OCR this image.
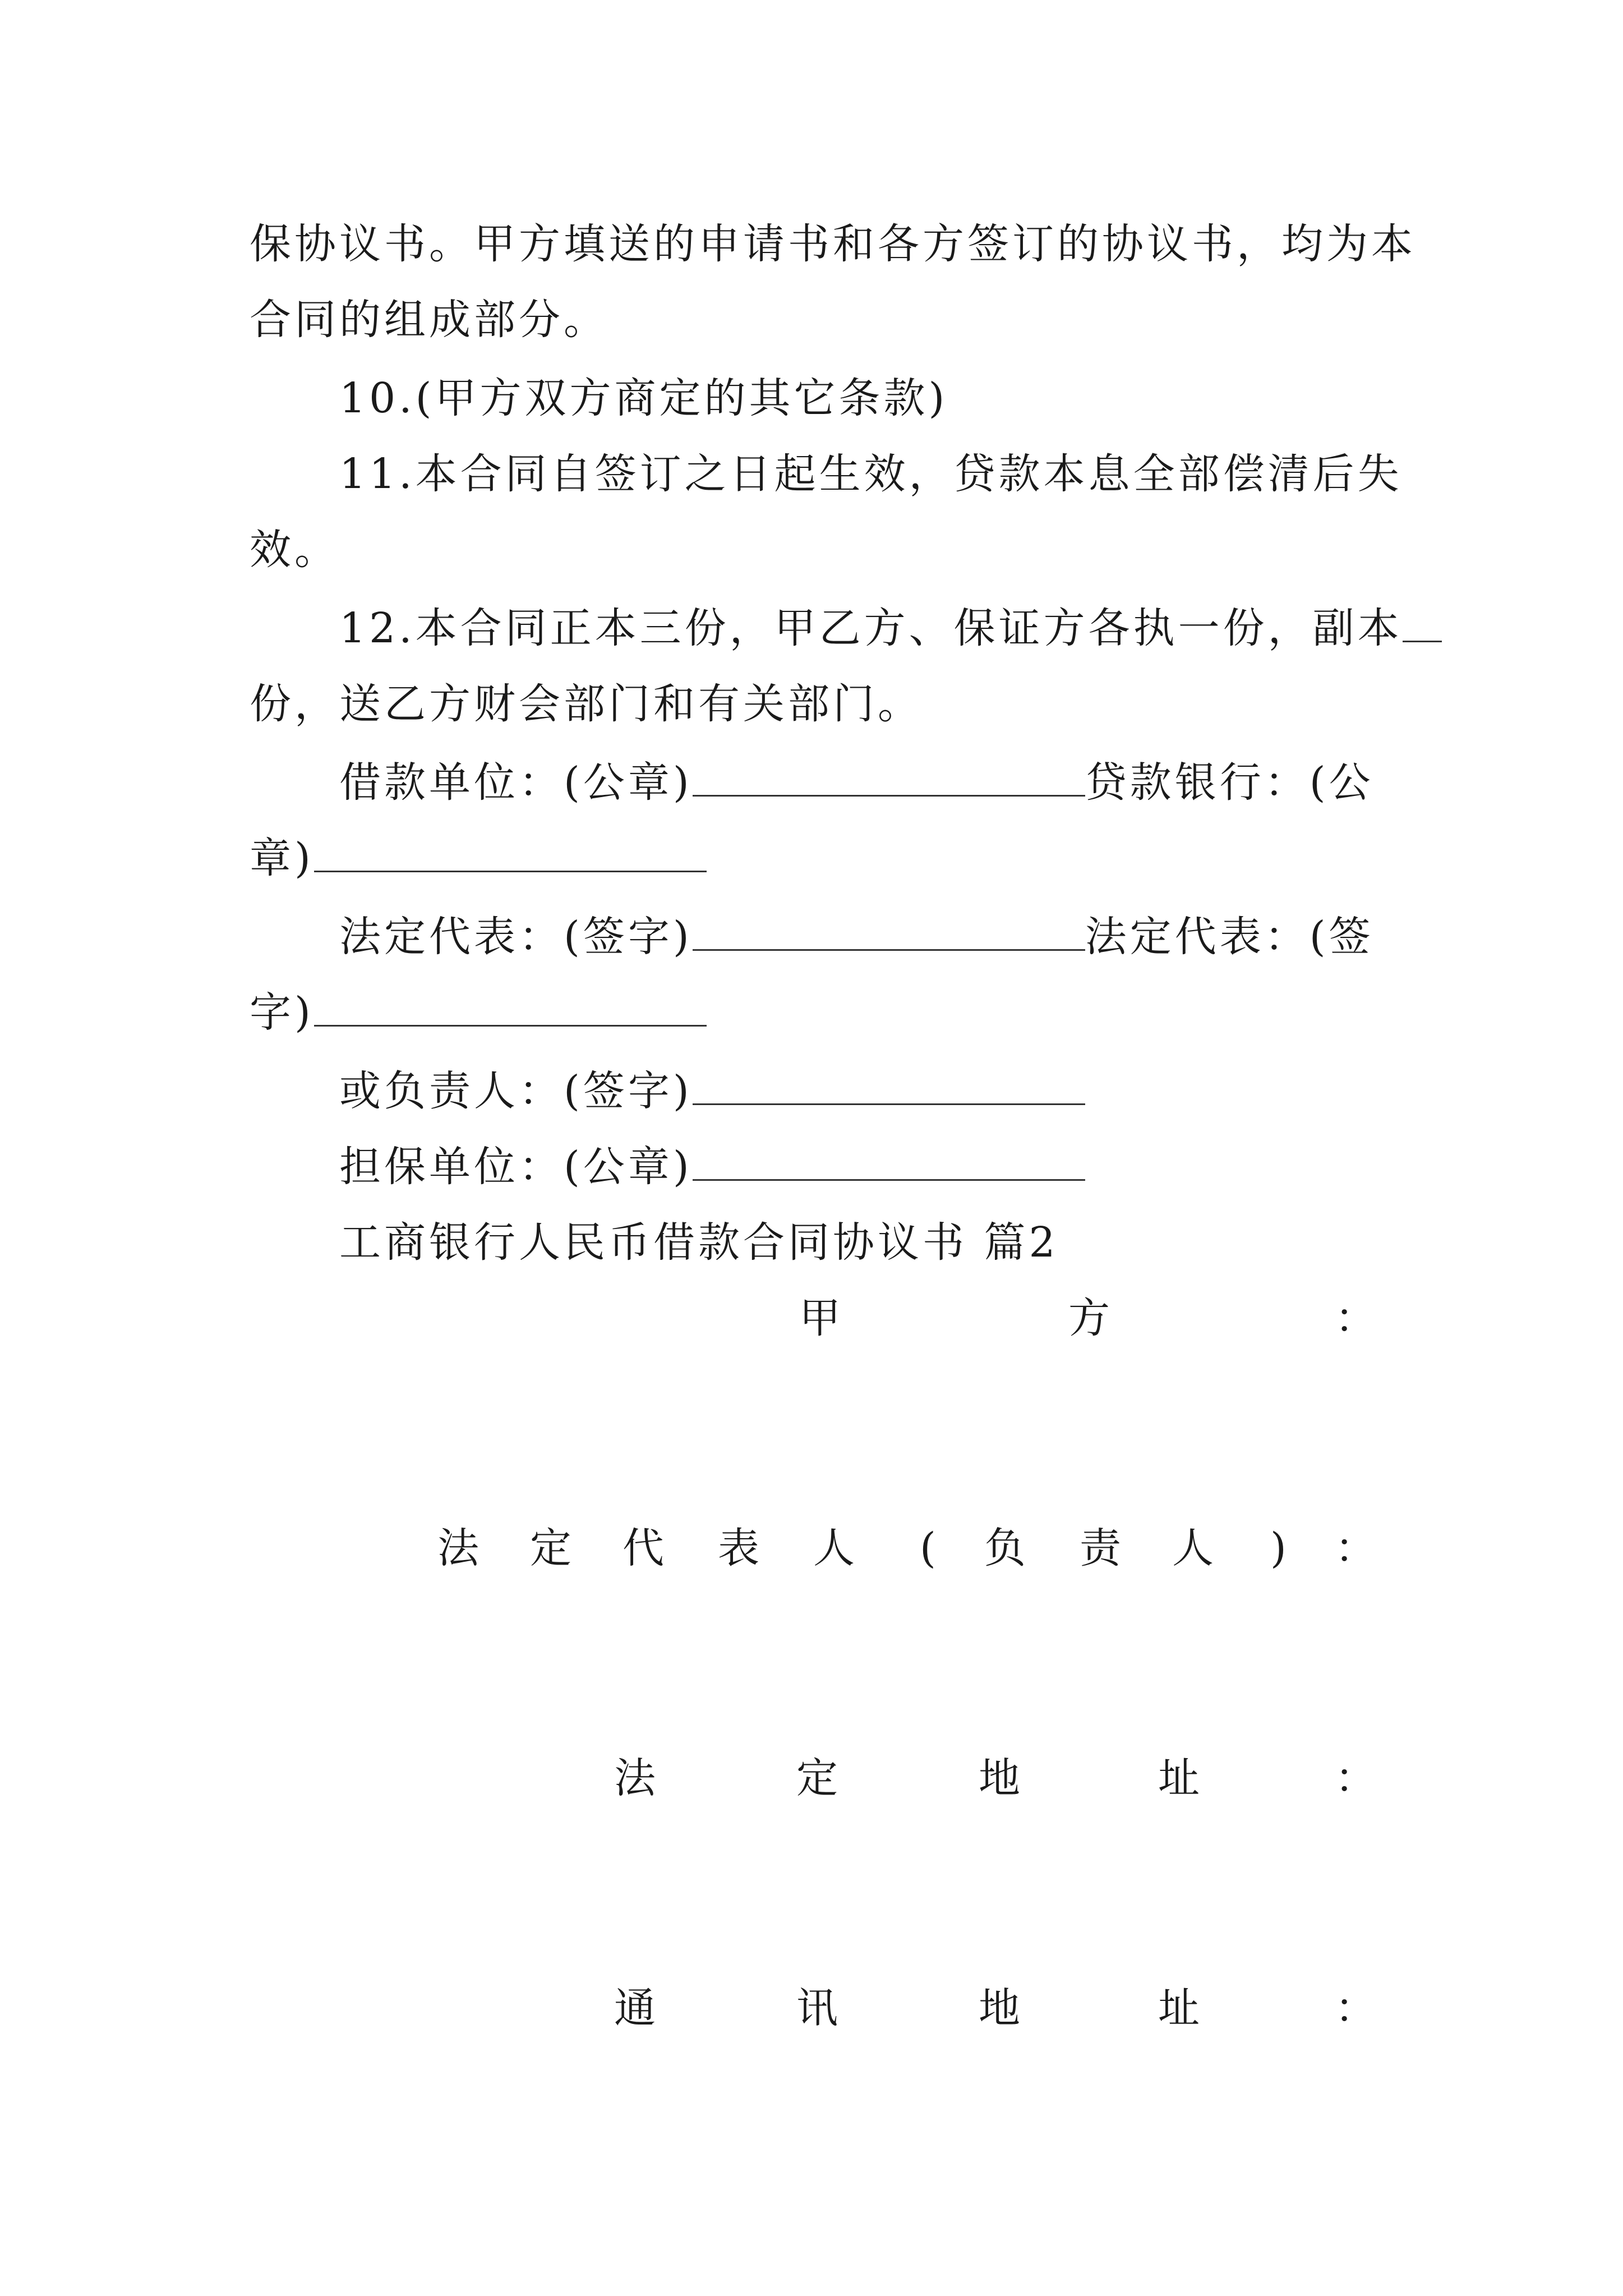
保协议书。甲方填送的申请书和各方签订的协议书，均为本
合同的组成部分。
10.(甲方双方商定的其它条款)
11.本合同自签订之日起生效，贷款本息全部偿清后失
效。
12.本合同正本三份，甲乙方、保证方各执一份，副本
份，送乙方财会部门和有关部门。
借款单位：(公章)	贷款银行：(公
章)
法定代表：(签字)	法定代表：(签
字)
或负责人：(签字)
担保单位：(公章)
工商银行人民币借款合同协议书 篇2
甲	方	：
法 定 代 表 人 ( 负 责 人 ) ：
法	定	地	址	：
通	讯	地	址	：
